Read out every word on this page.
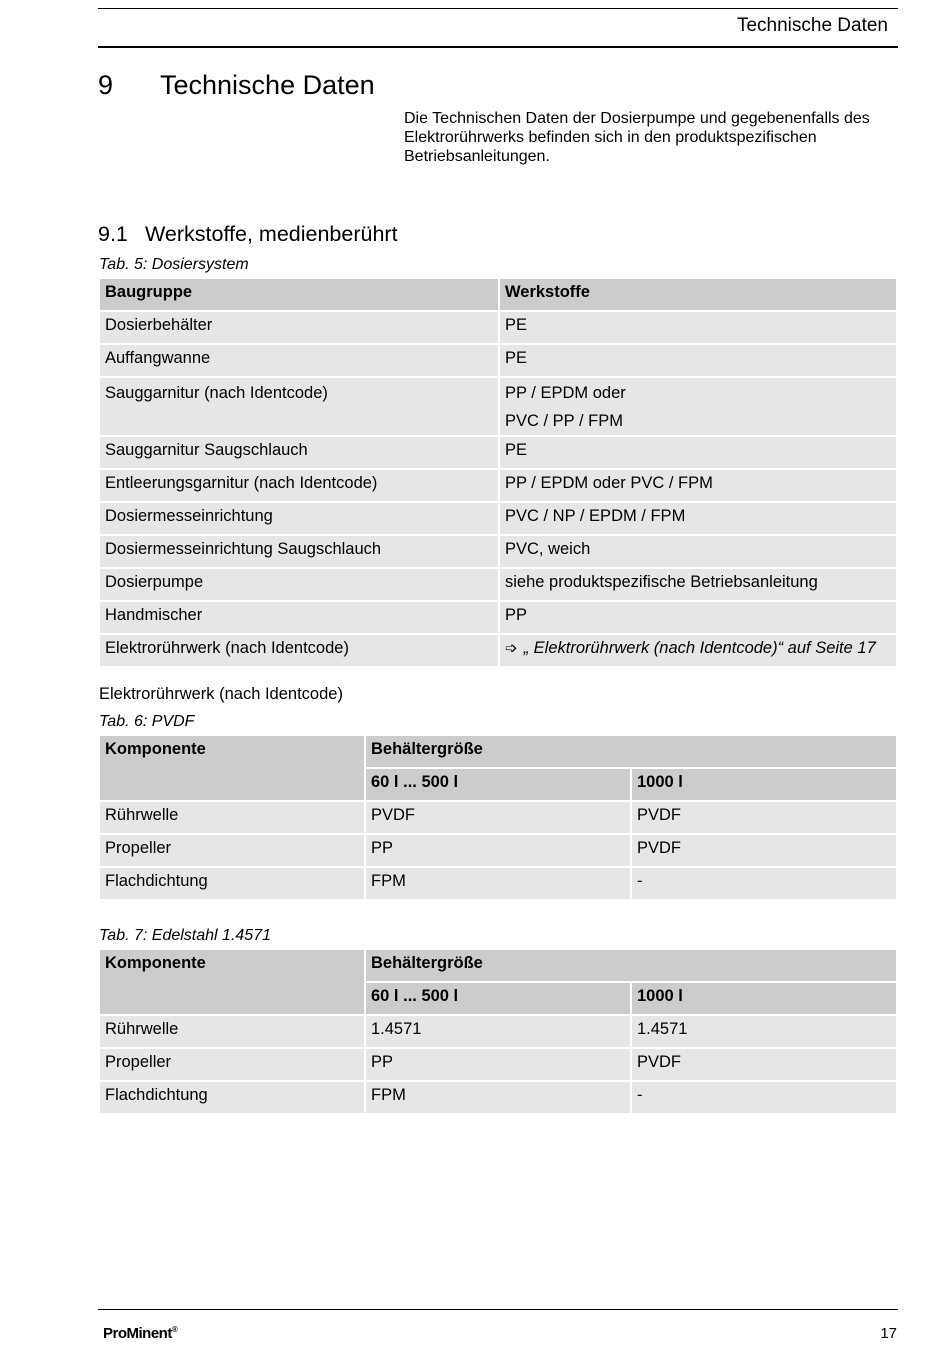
Technische Daten
9 Technische Daten
Die Technischen Daten der Dosierpumpe und gegebenenfalls des Elektrorührwerks befinden sich in den produktspezifischen Betriebsanleitungen.
9.1 Werkstoffe, medienberührt
Tab. 5: Dosiersystem
Baugruppe	Werkstoffe
Dosierbehälter	PE
Auffangwanne	PE
Sauggarnitur (nach Identcode)	PP / EPDM oder
PVC / PP / FPM

Sauggarnitur Saugschlauch	PE
Entleerungsgarnitur (nach Identcode)	PP / EPDM oder PVC / FPM
Dosiermesseinrichtung	PVC / NP / EPDM / FPM
Dosiermesseinrichtung Saugschlauch	PVC, weich
Dosierpumpe	siehe produktspezifische Betriebsanleitung
Handmischer	PP
Elektrorührwerk (nach Identcode)	➩ „ Elektrorührwerk (nach Identcode)“ auf Seite 17
Elektrorührwerk (nach Identcode)
Tab. 6: PVDF
Komponente	Behältergröße	
	60 l ... 500 l	1000 l
Rührwelle	PVDF	PVDF
Propeller	PP	PVDF
Flachdichtung	FPM	-
Tab. 7: Edelstahl 1.4571
Komponente	Behältergröße	
	60 l ... 500 l	1000 l
Rührwelle	1.4571	1.4571
Propeller	PP	PVDF
Flachdichtung	FPM	-
ProMinent®	17
